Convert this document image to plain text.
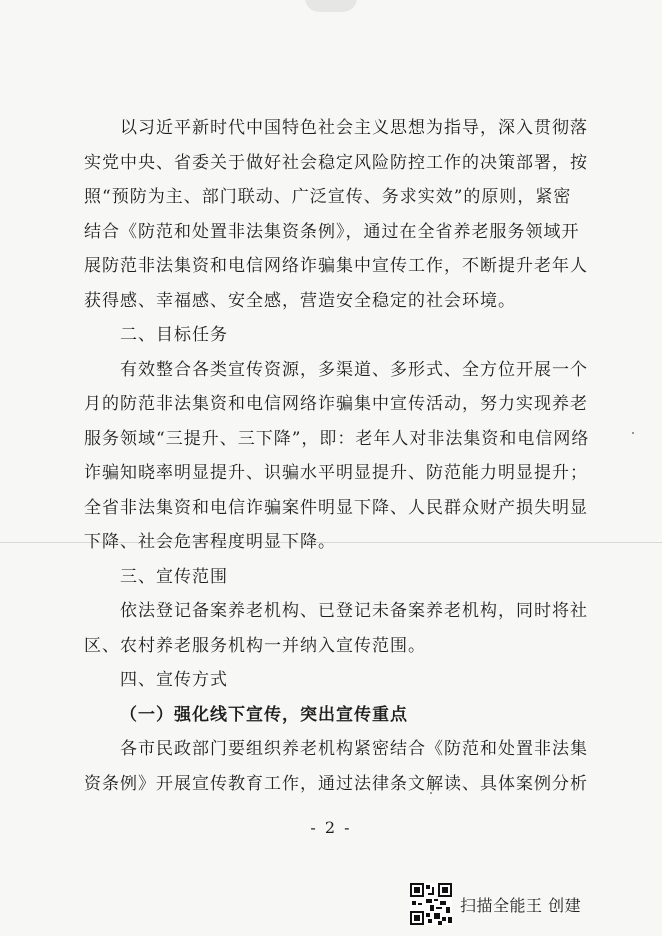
以习近平新时代中国特色社会主义思想为指导，深入贯彻落
实党中央、省委关于做好社会稳定风险防控工作的决策部署，按
照“预防为主、部门联动、广泛宣传、务求实效”的原则，紧密
结合《防范和处置非法集资条例》，通过在全省养老服务领域开
展防范非法集资和电信网络诈骗集中宣传工作，不断提升老年人
获得感、幸福感、安全感，营造安全稳定的社会环境。
二、目标任务
有效整合各类宣传资源，多渠道、多形式、全方位开展一个
月的防范非法集资和电信网络诈骗集中宣传活动，努力实现养老
服务领域“三提升、三下降”，即：老年人对非法集资和电信网络
诈骗知晓率明显提升、识骗水平明显提升、防范能力明显提升；
全省非法集资和电信诈骗案件明显下降、人民群众财产损失明显
下降、社会危害程度明显下降。
三、宣传范围
依法登记备案养老机构、已登记未备案养老机构，同时将社
区、农村养老服务机构一并纳入宣传范围。
四、宣传方式
（一）强化线下宣传，突出宣传重点
各市民政部门要组织养老机构紧密结合《防范和处置非法集
资条例》开展宣传教育工作，通过法律条文解读、具体案例分析
- 2 -
扫描全能王 创建
